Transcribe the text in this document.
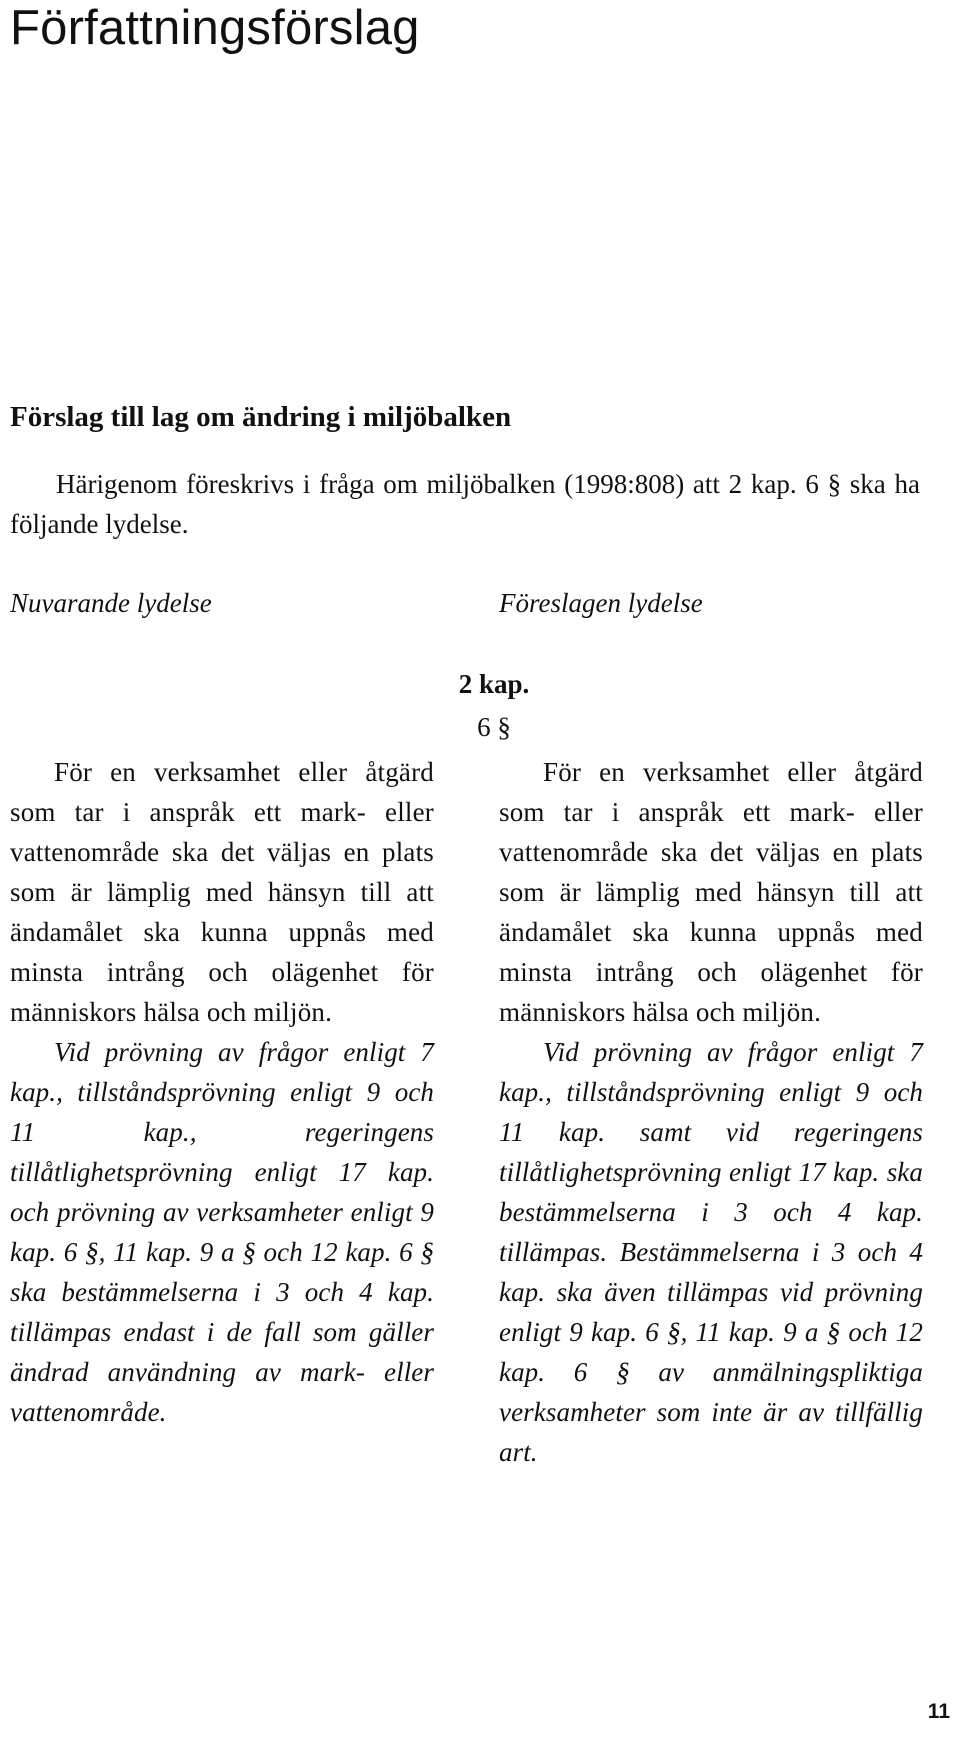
Författningsförslag
Förslag till lag om ändring i miljöbalken

Härigenom föreskrivs i fråga om miljöbalken (1998:808) att 2 kap. 6 § ska ha följande lydelse.

Nuvarande lydelse	Föreslagen lydelse
2 kap.
6 §

För en verksamhet eller åtgärd som tar i anspråk ett mark- eller vattenområde ska det väljas en plats som är lämplig med hänsyn till att ändamålet ska kunna uppnås med minsta intrång och olägenhet för människors hälsa och miljön.

Vid prövning av frågor enligt 7 kap., tillståndsprövning enligt 9 och 11 kap., regeringens tillåtlighetsprövning enligt 17 kap. och prövning av verksamheter enligt 9 kap. 6 §, 11 kap. 9 a § och 12 kap. 6 § ska bestämmelserna i 3 och 4 kap. tillämpas endast i de fall som gäller ändrad användning av mark- eller vattenområde.

För en verksamhet eller åtgärd som tar i anspråk ett mark- eller vattenområde ska det väljas en plats som är lämplig med hänsyn till att ändamålet ska kunna uppnås med minsta intrång och olägenhet för människors hälsa och miljön.

Vid prövning av frågor enligt 7 kap., tillståndsprövning enligt 9 och 11 kap. samt vid regeringens tillåtlighetsprövning enligt 17 kap. ska bestämmelserna i 3 och 4 kap. tillämpas. Bestämmelserna i 3 och 4 kap. ska även tillämpas vid prövning enligt 9 kap. 6 §, 11 kap. 9 a § och 12 kap. 6 § av anmälningspliktiga verksamheter som inte är av tillfällig art.

11
